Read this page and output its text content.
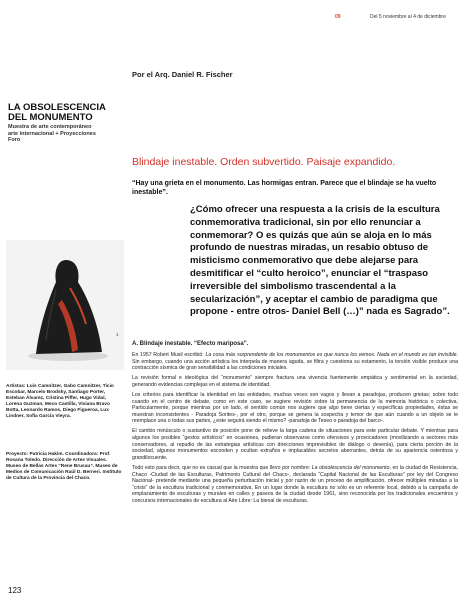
09	Del 5 noviembre al 4 de diciembre
Por el Arq. Daniel R. Fischer
LA OBSOLESCENCIA
DEL MONUMENTO
Muestra de arte contemporáneo
arte internacional + Proyecciones
Foro
Blindaje inestable. Orden subvertido. Paisaje expandido.
“Hay una grieta en el monumento. Las hormigas entran. Parece que el blindaje se ha vuelto inestable”.
¿Cómo ofrecer una respuesta a la crisis de la escultura conmemorativa tradicional, sin por ello renunciar a conmemorar? O es quizás que aún se aloja en lo más profundo de nuestras miradas, un resabio obtuso de misticismo conmemorativo que debe alejarse para desmitificar el “culto heroico”, enunciar el “traspaso irreversible del simbolismo trascendental a la secularización”, y aceptar el cambio de paradigma que propone - entre otros- Daniel Bell (…)” nada es Sagrado”.
1
A. Blindaje inestable. “Efecto mariposa”.

En 1957 Robert Musil escribió: La cosa más sorprendente de los monumentos es que nunca los vemos. Nada en el mundo es tan invisible. Sin embargo, cuando una acción artística los interpela de manera aguda, se filtra y cuestiona su estamento, la torsión visible produce una contracción sísmica de gran sensibilidad a las condiciones iniciales.

La revisión formal e ideológica del “monumento” siempre fractura una vivencia fuertemente empática y sentimental en la sociedad, generando evidencias complejas en el sistema de identidad.

Los criterios para identificar la identidad en las entidades, muchas veces son vagos y llevan a paradojas, producen grietas; sobre todo cuando en el centro de debate, como en este caso, se sugiere revisión sobre la permanencia de la memoria histórica o colectiva. Particularmente, porque mientras por un lado, el sentido común nos sugiere que algo tiene ciertas y específicas propiedades, éstas se muestran inconsistentes - Paradoja Sorites-, por el otro, porque se genera la sospecha y temor de que aún cuando a un objeto se le reemplace una o todas sus partes, ¿este seguirá siendo el mismo? -paradoja de Teseo o paradoja del barco-.

El cambio minúsculo o sustantivo de posición pone de relieve la larga cadena de situaciones para este particular debate. Y mientras para algunos los posibles “gestos artísticos” en ocasiones, pudieran observarse como ofensivos y provocadores (movilizando a sectores más conservadores, al repudio de las estrategias artísticas con direcciones imprevisibles de diálogo o devenía), para cierta porción de la sociedad, algunos monumentos esconden y ocultan extraños e implacables secretos aberrantes, detrás de su apariencia ostentosa y grandilocuente.

Todo esto para decir, que no es casual que la muestra que llevo por nombre: La obsolescencia del monumento, en la ciudad de Resistencia, Chaco -Ciudad de las Esculturas, Patrimonio Cultural del Chaco-, declarada “Capital Nacional de las Esculturas” por ley del Congreso Nacional- pretende mediante una pequeña perturbación inicial y por razón de un proceso de amplificación, ofrecer múltiples miradas a la “crisis” de la escultura tradicional y conmemorativa. En un lugar donde la escultura no sólo es un referente local, debido a la campaña de emplazamiento de esculturas y murales en calles y paseos de la ciudad desde 1961, sino reconocida por los tradicionales encuentros y concursos internacionales de escultura al Aire Libre: La bienal de esculturas.

Artistas: Luis Camnitzer, Gabo Camnitzer, Ticio Escobar, Marcelo Brodsky, Santiago Porter, Esteban Álvarez, Cristina Piffer, Hugo Vidal, Lorena Guzman, Meco Castilla, Viviana Bravo Botta, Leonardo Ramos, Diego Figueroa, Lux Lindner, Sofía García Vieyra.
Proyecto: Patricia Hakim. Coordinadora: Prof. Rosana Toledo. Dirección de Artes Visuales. Museo de Bellas Artes “Rene Brusau”. Museo de Medios de Comunicación Raúl D. Berneri. Instituto de Cultura de la Provincia del Chaco.
123
